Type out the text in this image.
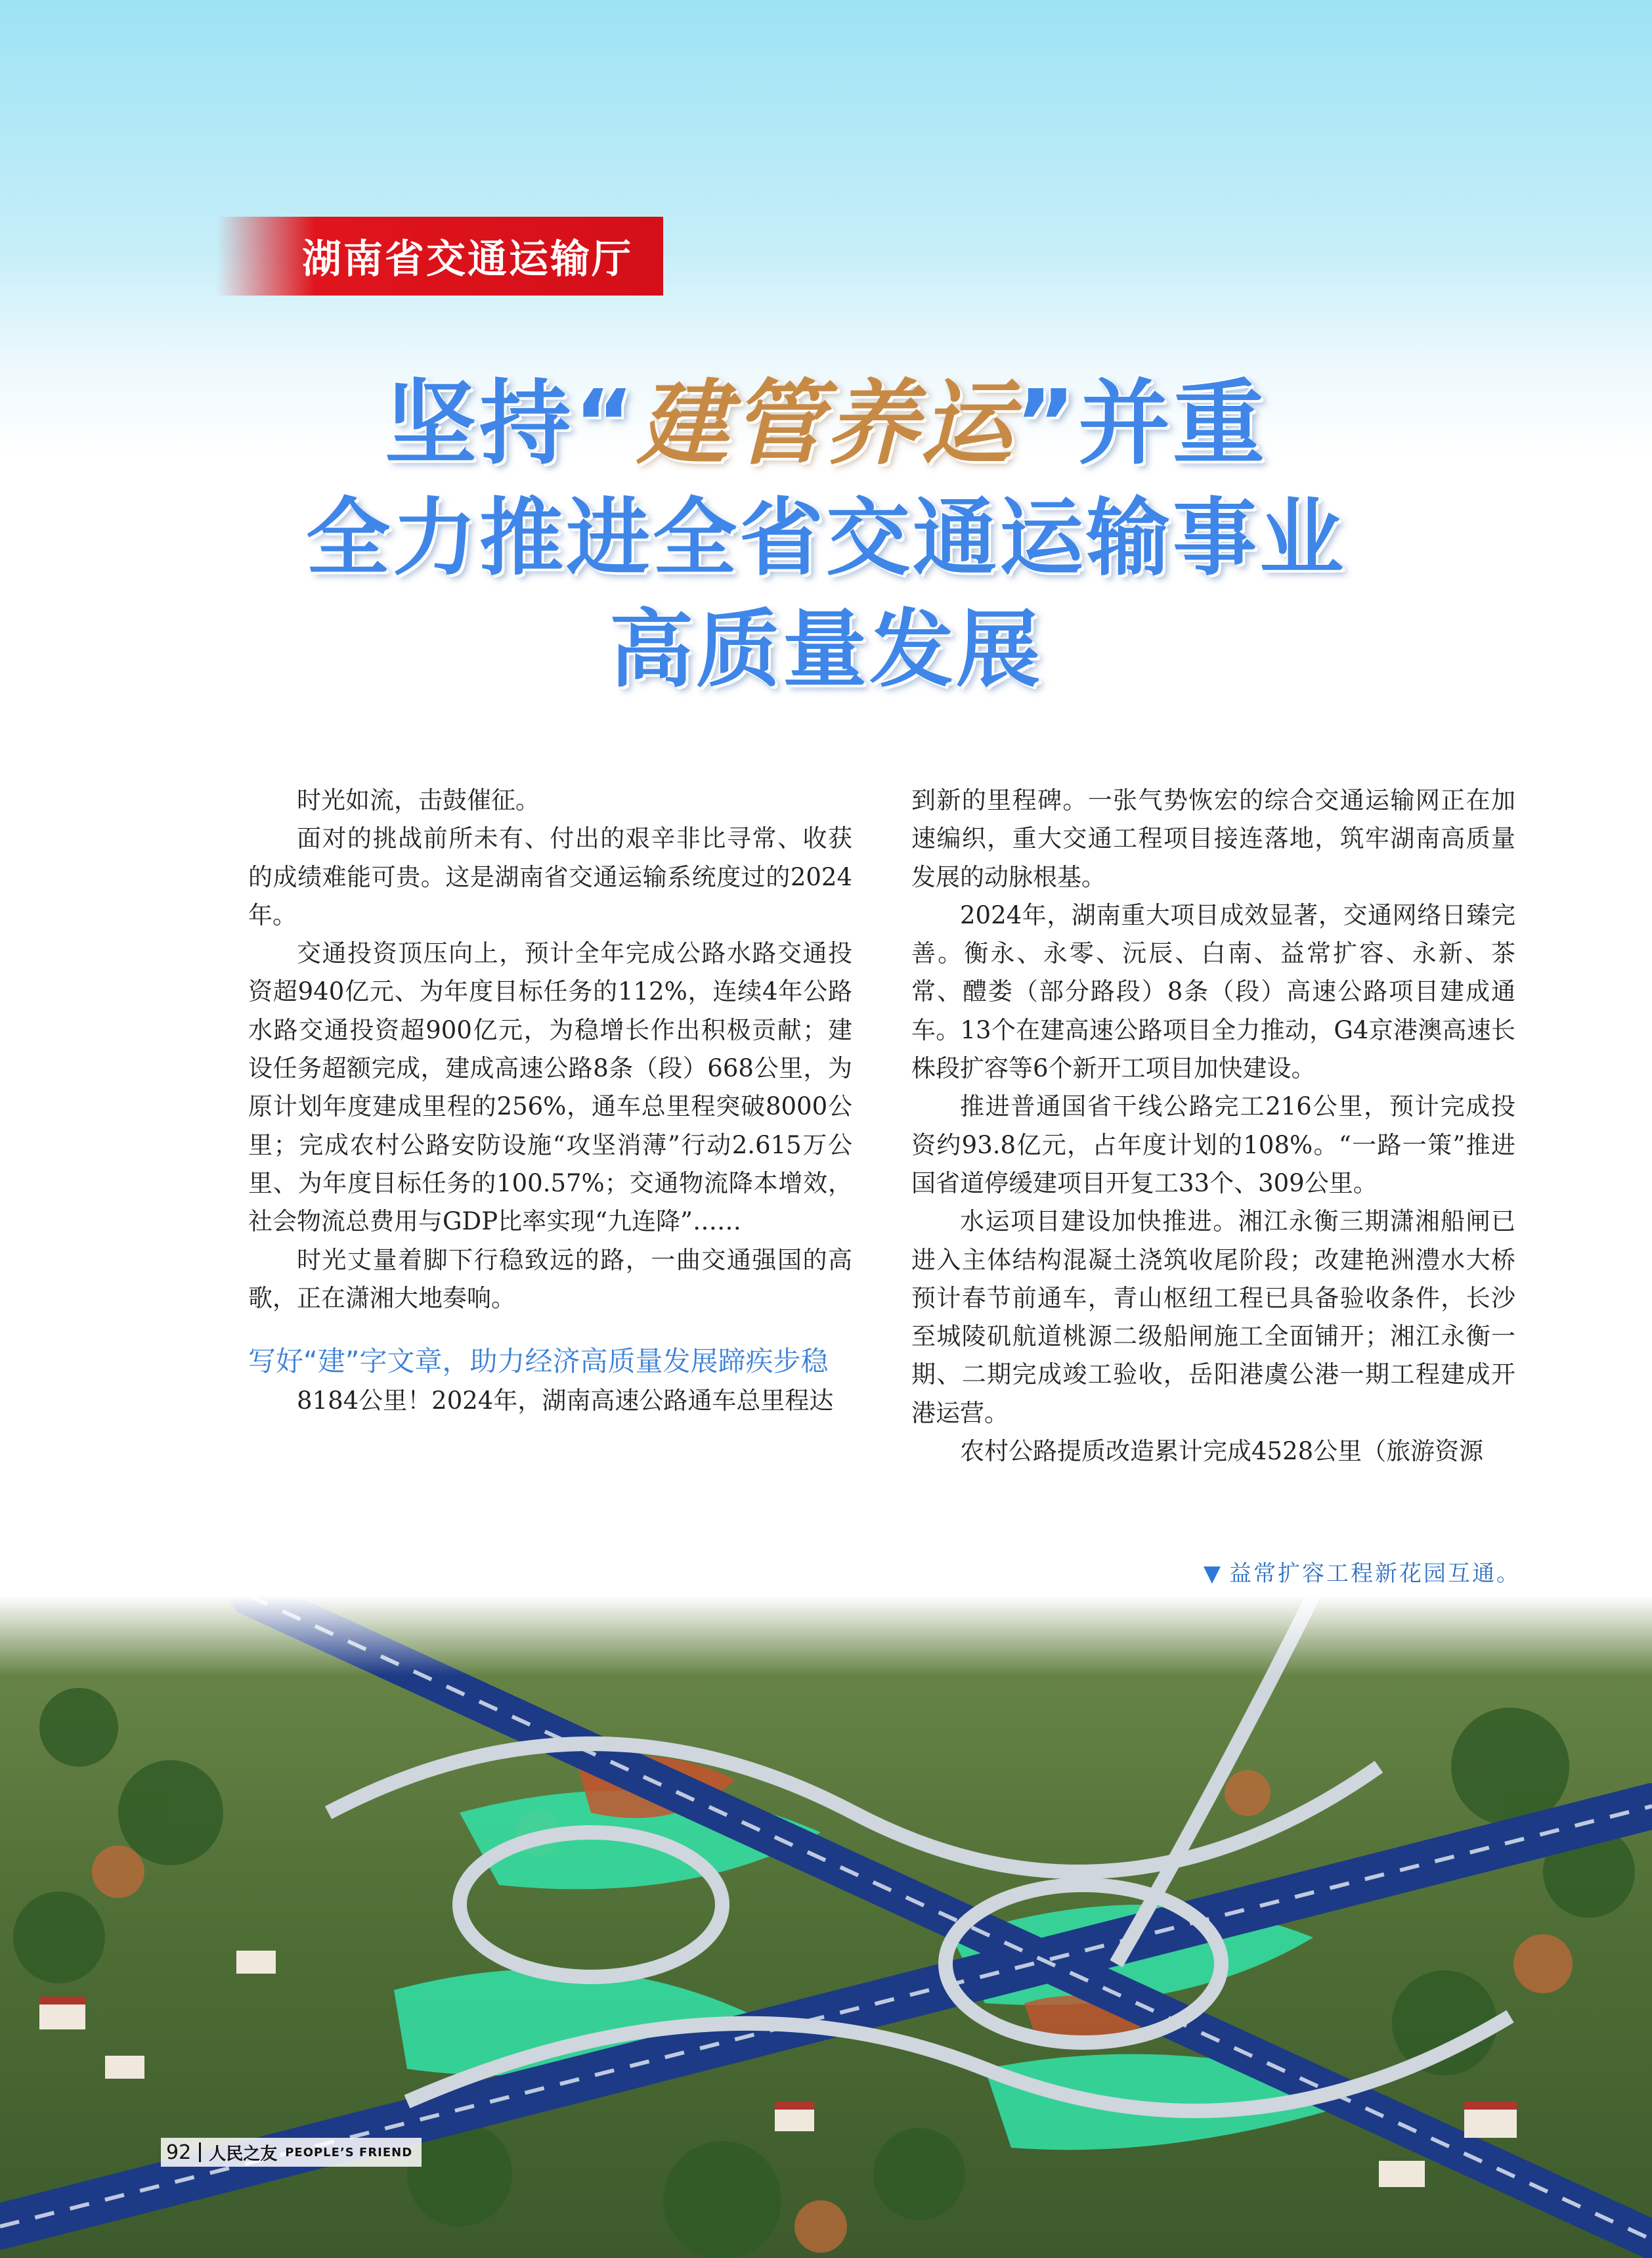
湖南省交通运输厅
坚持“建管养运”并重
全力推进全省交通运输事业
高质量发展

时光如流，击鼓催征。

面对的挑战前所未有、付出的艰辛非比寻常、收获的成绩难能可贵。这是湖南省交通运输系统度过的2024年。

交通投资顶压向上，预计全年完成公路水路交通投资超940亿元、为年度目标任务的112%，连续4年公路水路交通投资超900亿元，为稳增长作出积极贡献；建设任务超额完成，建成高速公路8条（段）668公里，为原计划年度建成里程的256%，通车总里程突破8000公里；完成农村公路安防设施“攻坚消薄”行动2.615万公里、为年度目标任务的100.57%；交通物流降本增效，社会物流总费用与GDP比率实现“九连降”……

时光丈量着脚下行稳致远的路，一曲交通强国的高歌，正在潇湘大地奏响。

写好“建”字文章，助力经济高质量发展蹄疾步稳

8184公里！2024年，湖南高速公路通车总里程达

到新的里程碑。一张气势恢宏的综合交通运输网正在加速编织，重大交通工程项目接连落地，筑牢湖南高质量发展的动脉根基。

2024年，湖南重大项目成效显著，交通网络日臻完善。衡永、永零、沅辰、白南、益常扩容、永新、茶常、醴娄（部分路段）8条（段）高速公路项目建成通车。13个在建高速公路项目全力推动，G4京港澳高速长株段扩容等6个新开工项目加快建设。

推进普通国省干线公路完工216公里，预计完成投资约93.8亿元，占年度计划的108%。“一路一策”推进国省道停缓建项目开复工33个、309公里。

水运项目建设加快推进。湘江永衡三期潇湘船闸已进入主体结构混凝土浇筑收尾阶段；改建艳洲澧水大桥预计春节前通车，青山枢纽工程已具备验收条件，长沙至城陵矶航道桃源二级船闸施工全面铺开；湘江永衡一期、二期完成竣工验收，岳阳港虞公港一期工程建成开港运营。

农村公路提质改造累计完成4528公里（旅游资源

▼ 益常扩容工程新花园互通。
92 人民之友 PEOPLE’S FRIEND
